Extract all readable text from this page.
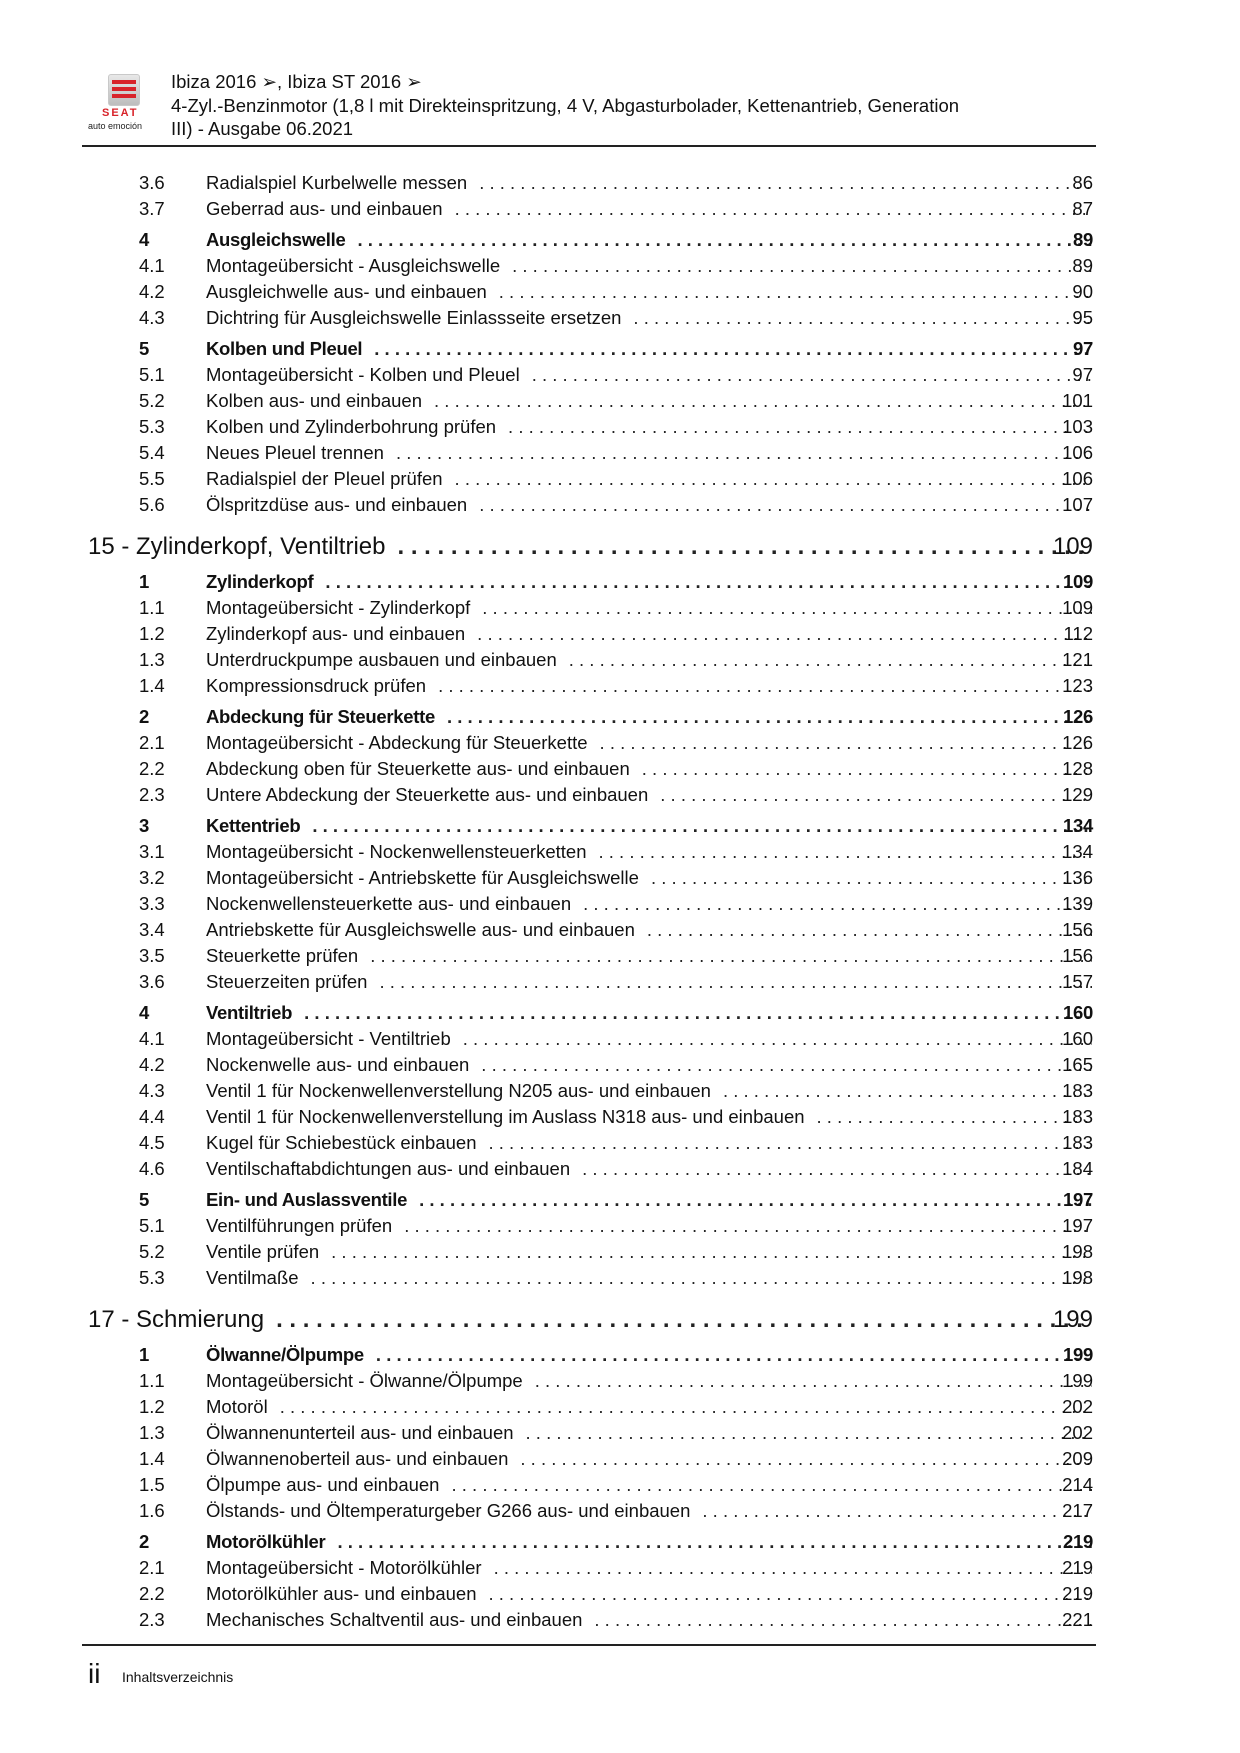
SEAT
auto emoción
Ibiza 2016 ➢, Ibiza ST 2016 ➢
4-Zyl.-Benzinmotor (1,8 l mit Direkteinspritzung, 4 V, Abgasturbolader, Kettenantrieb, Generation
III) - Ausgabe 06.2021
3.6 Radialspiel Kurbelwelle messen . . .	86
3.7 Geberrad aus- und einbauen . . .	87
4	Ausgleichswelle . . .	89
4.1 Montageübersicht - Ausgleichswelle . . .	89
4.2 Ausgleichwelle aus- und einbauen . . .	90
4.3 Dichtring für Ausgleichswelle Einlassseite ersetzen . . .	95
5	Kolben und Pleuel . . .	97
5.1 Montageübersicht - Kolben und Pleuel . . .	97
5.2 Kolben aus- und einbauen . . .	101
5.3 Kolben und Zylinderbohrung prüfen . . .	103
5.4 Neues Pleuel trennen . . .	106
5.5 Radialspiel der Pleuel prüfen . . .	106
5.6 Ölspritzdüse aus- und einbauen . . .	107
15 - Zylinderkopf, Ventiltrieb . . .	109
1	Zylinderkopf . . .	109
1.1 Montageübersicht - Zylinderkopf . . .	109
1.2 Zylinderkopf aus- und einbauen . . .	112
1.3 Unterdruckpumpe ausbauen und einbauen . . .	121
1.4 Kompressionsdruck prüfen . . .	123
2	Abdeckung für Steuerkette . . .	126
2.1 Montageübersicht - Abdeckung für Steuerkette . . .	126
2.2 Abdeckung oben für Steuerkette aus- und einbauen . . .	128
2.3 Untere Abdeckung der Steuerkette aus- und einbauen . . .	129
3	Kettentrieb . . .	134
3.1 Montageübersicht - Nockenwellensteuerketten . . .	134
3.2 Montageübersicht - Antriebskette für Ausgleichswelle . . .	136
3.3 Nockenwellensteuerkette aus- und einbauen . . .	139
3.4 Antriebskette für Ausgleichswelle aus- und einbauen . . .	156
3.5 Steuerkette prüfen . . .	156
3.6 Steuerzeiten prüfen . . .	157
4	Ventiltrieb . . .	160
4.1 Montageübersicht - Ventiltrieb . . .	160
4.2 Nockenwelle aus- und einbauen . . .	165
4.3 Ventil 1 für Nockenwellenverstellung N205 aus- und einbauen . . .	183
4.4 Ventil 1 für Nockenwellenverstellung im Auslass N318 aus- und einbauen . . .	183
4.5 Kugel für Schiebestück einbauen . . .	183
4.6 Ventilschaftabdichtungen aus- und einbauen . . .	184
5	Ein- und Auslassventile . . .	197
5.1 Ventilführungen prüfen . . .	197
5.2 Ventile prüfen . . .	198
5.3 Ventilmaße . . .	198
17 - Schmierung . . .	199
1	Ölwanne/Ölpumpe . . .	199
1.1 Montageübersicht - Ölwanne/Ölpumpe . . .	199
1.2 Motoröl . . .	202
1.3 Ölwannenunterteil aus- und einbauen . . .	202
1.4 Ölwannenoberteil aus- und einbauen . . .	209
1.5 Ölpumpe aus- und einbauen . . .	214
1.6 Ölstands- und Öltemperaturgeber G266 aus- und einbauen . . .	217
2	Motorölkühler . . .	219
2.1 Montageübersicht - Motorölkühler . . .	219
2.2 Motorölkühler aus- und einbauen . . .	219
2.3 Mechanisches Schaltventil aus- und einbauen . . .	221
ii Inhaltsverzeichnis
